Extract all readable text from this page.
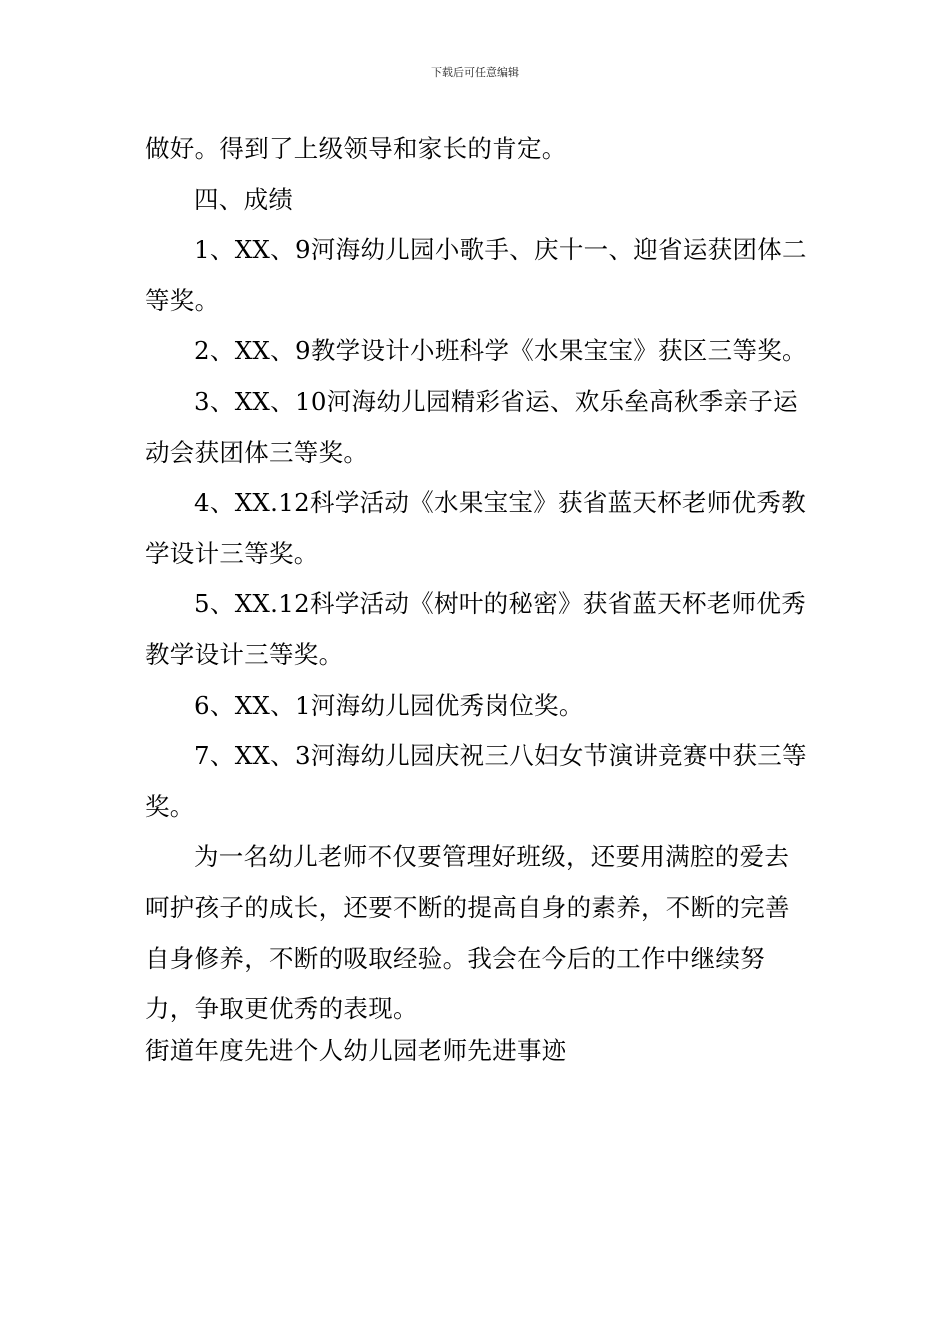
下载后可任意编辑

做好。得到了上级领导和家长的肯定。

四、成绩

1、XX、9河海幼儿园小歌手、庆十一、迎省运获团体二等奖。

2、XX、9教学设计小班科学《水果宝宝》获区三等奖。

3、XX、10河海幼儿园精彩省运、欢乐垒高秋季亲子运动会获团体三等奖。

4、XX.12科学活动《水果宝宝》获省蓝天杯老师优秀教学设计三等奖。

5、XX.12科学活动《树叶的秘密》获省蓝天杯老师优秀教学设计三等奖。

6、XX、1河海幼儿园优秀岗位奖。

7、XX、3河海幼儿园庆祝三八妇女节演讲竞赛中获三等奖。

为一名幼儿老师不仅要管理好班级，还要用满腔的爱去呵护孩子的成长，还要不断的提高自身的素养，不断的完善自身修养，不断的吸取经验。我会在今后的工作中继续努力，争取更优秀的表现。

街道年度先进个人幼儿园老师先进事迹
